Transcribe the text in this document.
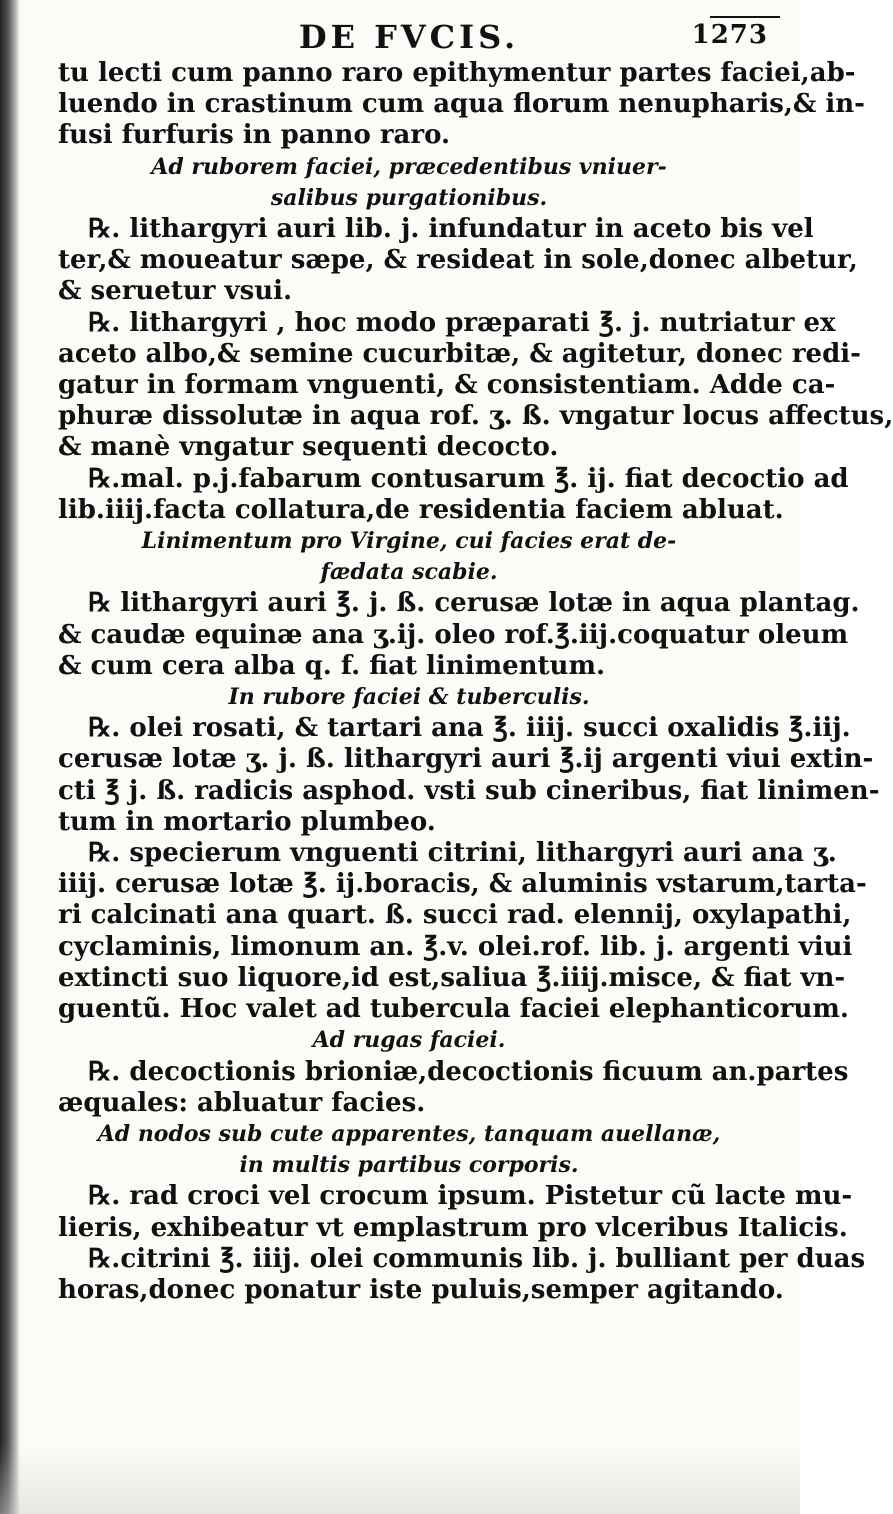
DE FVCIS.	1273
tu lecti cum panno raro epithymentur partes faciei,ab-
luendo in crastinum cum aqua florum nenupharis,& in-
fusi furfuris in panno raro.
Ad ruborem faciei, præcedentibus vniuer-
salibus purgationibus.
℞. lithargyri auri lib. j. infundatur in aceto bis vel
ter,& moueatur sæpe, & resideat in sole,donec albetur,
& seruetur vsui.
℞. lithargyri , hoc modo præparati ℥. j. nutriatur ex
aceto albo,& semine cucurbitæ, & agitetur, donec redi-
gatur in formam vnguenti, & consistentiam. Adde ca-
phuræ dissolutæ in aqua rof. ʒ. ß. vngatur locus affectus,
& manè vngatur sequenti decocto.
℞.mal. p.j.fabarum contusarum ℥. ij. fiat decoctio ad
lib.iiij.facta collatura,de residentia faciem abluat.
Linimentum pro Virgine, cui facies erat de-
fædata scabie.
℞ lithargyri auri ℥. j. ß. cerusæ lotæ in aqua plantag.
& caudæ equinæ ana ʒ.ij. oleo rof.℥.iij.coquatur oleum
& cum cera alba q. f. fiat linimentum.
In rubore faciei & tuberculis.
℞. olei rosati, & tartari ana ℥. iiij. succi oxalidis ℥.iij.
cerusæ lotæ ʒ. j. ß. lithargyri auri ℥.ij argenti viui extin-
cti ℥ j. ß. radicis asphod. vsti sub cineribus, fiat linimen-
tum in mortario plumbeo.
℞. specierum vnguenti citrini, lithargyri auri ana ʒ.
iiij. cerusæ lotæ ℥. ij.boracis, & aluminis vstarum,tarta-
ri calcinati ana quart. ß. succi rad. elennij, oxylapathi,
cyclaminis, limonum an. ℥.v. olei.rof. lib. j. argenti viui
extincti suo liquore,id est,saliua ℥.iiij.misce, & fiat vn-
guentũ. Hoc valet ad tubercula faciei elephanticorum.
Ad rugas faciei.
℞. decoctionis brioniæ,decoctionis ficuum an.partes
æquales: abluatur facies.
Ad nodos sub cute apparentes, tanquam auellanæ,
in multis partibus corporis.
℞. rad croci vel crocum ipsum. Pistetur cũ lacte mu-
lieris, exhibeatur vt emplastrum pro vlceribus Italicis.
℞.citrini ℥. iiij. olei communis lib. j. bulliant per duas
horas,donec ponatur iste puluis,semper agitando.
